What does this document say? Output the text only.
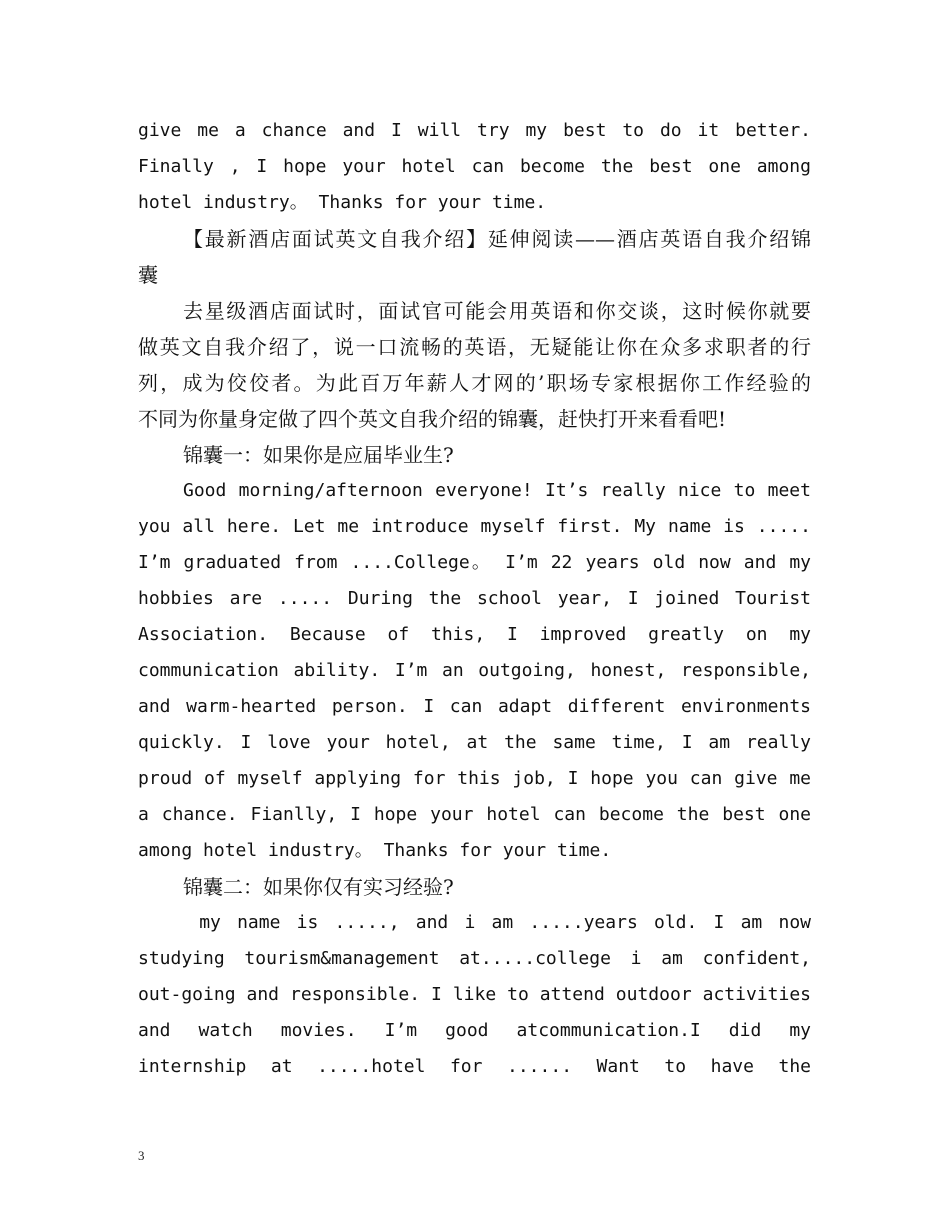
give me a chance and I will try my best to do it better.
Finally , I hope your hotel can become the best one among
hotel industry。 Thanks for your time.
【最新酒店面试英文自我介绍】延伸阅读——酒店英语自我介绍锦
囊
去星级酒店面试时，面试官可能会用英语和你交谈，这时候你就要
做英文自我介绍了，说一口流畅的英语，无疑能让你在众多求职者的行
列，成为佼佼者。为此百万年薪人才网的’职场专家根据你工作经验的
不同为你量身定做了四个英文自我介绍的锦囊，赶快打开来看看吧!
锦囊一：如果你是应届毕业生?
Good morning/afternoon everyone! It’s really nice to meet
you all here. Let me introduce myself first. My name is .....
I’m graduated from ....College。 I’m 22 years old now and my
hobbies are ..... During the school year, I joined Tourist
Association. Because of this, I improved greatly on my
communication ability. I’m an outgoing, honest, responsible,
and warm-hearted person. I can adapt different environments
quickly. I love your hotel, at the same time, I am really
proud of myself applying for this job, I hope you can give me
a chance. Fianlly, I hope your hotel can become the best one
among hotel industry。 Thanks for your time.
锦囊二：如果你仅有实习经验?
my name is ....., and i am .....years old. I am now
studying tourism&management at.....college i am confident,
out-going and responsible. I like to attend outdoor activities
and watch movies. I’m good atcommunication.I did my
internship at .....hotel for ...... Want to have the
3
